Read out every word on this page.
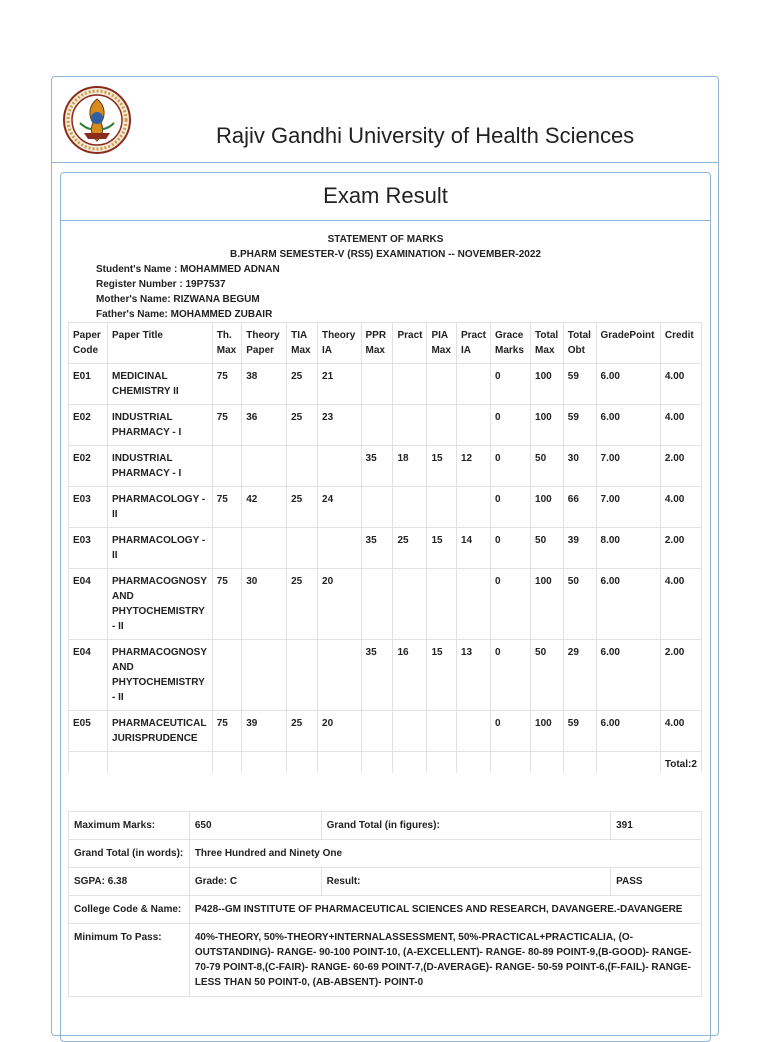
Rajiv Gandhi University of Health Sciences
Exam Result
STATEMENT OF MARKS
B.PHARM SEMESTER-V (RS5) EXAMINATION -- NOVEMBER-2022
Student's Name : MOHAMMED ADNAN
Register Number : 19P7537
Mother's Name: RIZWANA BEGUM
Father's Name: MOHAMMED ZUBAIR
Paper Code	Paper Title	Th. Max	Theory Paper	TIA Max	Theory IA	PPR Max	Pract	PIA Max	Pract IA	Grace Marks	Total Max	Total Obt	GradePoint	Credit
E01	MEDICINAL CHEMISTRY II	75	38	25	21					0	100	59	6.00	4.00
E02	INDUSTRIAL PHARMACY - I	75	36	25	23					0	100	59	6.00	4.00
E02	INDUSTRIAL PHARMACY - I					35	18	15	12	0	50	30	7.00	2.00
E03	PHARMACOLOGY - II	75	42	25	24					0	100	66	7.00	4.00
E03	PHARMACOLOGY - II					35	25	15	14	0	50	39	8.00	2.00
E04	PHARMACOGNOSY AND PHYTOCHEMISTRY - II	75	30	25	20					0	100	50	6.00	4.00
E04	PHARMACOGNOSY AND PHYTOCHEMISTRY - II					35	16	15	13	0	50	29	6.00	2.00
E05	PHARMACEUTICAL JURISPRUDENCE	75	39	25	20					0	100	59	6.00	4.00
														Total:2
Maximum Marks:	650	Grand Total (in figures):	391
Grand Total (in words):	Three Hundred and Ninety One		
SGPA: 6.38	Grade: C	Result:	PASS
College Code & Name:	P428--GM INSTITUTE OF PHARMACEUTICAL SCIENCES AND RESEARCH, DAVANGERE.-DAVANGERE		
Minimum To Pass:	40%-THEORY, 50%-THEORY+INTERNALASSESSMENT, 50%-PRACTICAL+PRACTICALIA, (O-OUTSTANDING)- RANGE- 90-100 POINT-10, (A-EXCELLENT)- RANGE- 80-89 POINT-9,(B-GOOD)- RANGE- 70-79 POINT-8,(C-FAIR)- RANGE- 60-69 POINT-7,(D-AVERAGE)- RANGE- 50-59 POINT-6,(F-FAIL)- RANGE- LESS THAN 50 POINT-0, (AB-ABSENT)- POINT-0		
